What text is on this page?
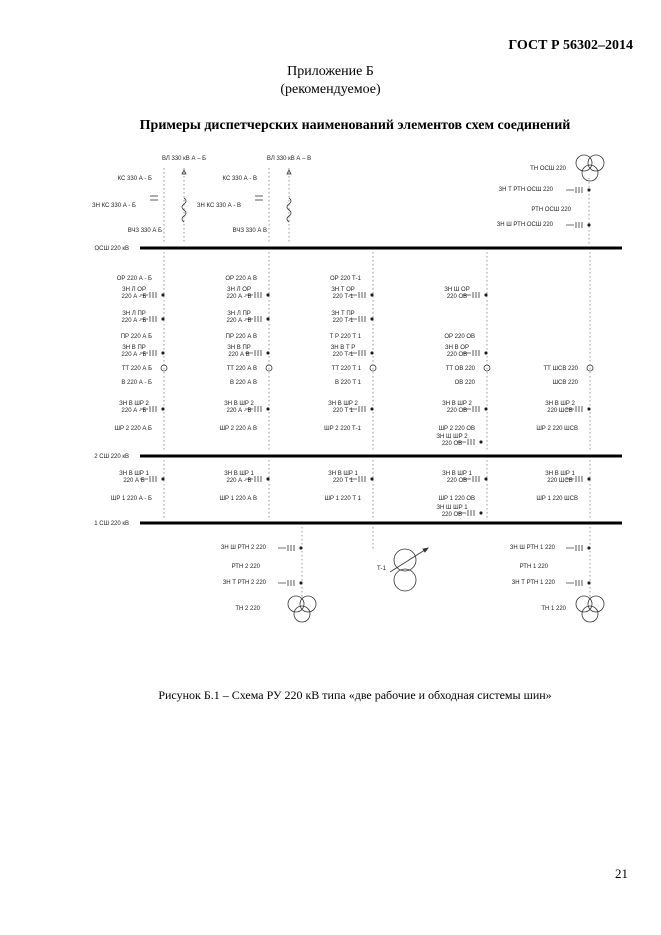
ГОСТ Р 56302–2014
Приложение Б
(рекомендуемое)
Примеры диспетчерских наименований элементов схем соединений
ОСШ 220 кВ
2 СШ 220 кВ
1 СШ 220 кВ
ВЛ 330 кВ А – Б
КС 330 А - Б
ЗН КС 330 А - Б
ВЧЗ 330 А Б
ВЛ 330 кВ А – В
КС 330 А - В
ЗН КС 330 А - В
ВЧЗ 330 А В
ТН ОСШ 220
ЗН Т РТН ОСШ 220
РТН ОСШ 220
ЗН Ш РТН ОСШ 220
ОР 220 А - Б
ПР 220 А Б
ТТ 220 А Б
В 220 А - Б
ШР 2 220 А Б
ШР 1 220 А - Б
ЗН Л ОР
220 А - Б
ЗН Л ПР
220 А - Б
ЗН В ПР
220 А - Б
ЗН В ШР 2
220 А - Б
ЗН В ШР 1
220 А Б
ОР 220 А В
ПР 220 А В
ТТ 220 А В
В 220 А В
ШР 2 220 А В
ШР 1 220 А В
ЗН Л ОР
220 А - В
ЗН Л ПР
220 А - В
ЗН В ПР
220 А В
ЗН В ШР 2
220 А - В
ЗН В ШР 1
220 А - В
ОР 220 Т-1
Т Р 220 Т 1
ТТ 220 Т 1
В 220 Т 1
ШР 2 220 Т-1
ШР 1 220 Т 1
ЗН Т ОР
220 Т-1
ЗН Т ПР
220 Т-1
ЗН В Т Р
220 Т-1
ЗН В ШР 2
220 Т 1
ЗН В ШР 1
220 Т 1
ОР 220 ОВ
ТТ ОВ 220
ОВ 220
ШР 2 220 ОВ
ШР 1 220 ОВ
ЗН Ш ОР
220 ОВ
ЗН В ОР
220 ОВ
ЗН В ШР 2
220 ОВ
ЗН В ШР 1
220 ОВ
ТТ ШСВ 220
ШСВ 220
ШР 2 220 ШСВ
ШР 1 220 ШСВ
ЗН В ШР 2
220 ШСВ
ЗН В ШР 1
220 ШСВ
ЗН Ш ШР 2
220 ОВ
ЗН Ш ШР 1
220 ОВ
ЗН Ш РТН 2 220
РТН 2 220
ЗН Т РТН 2 220
ТН 2 220
ЗН Ш РТН 1 220
РТН 1 220
ЗН Т РТН 1 220
ТН 1 220
Т-1
Рисунок Б.1 – Схема РУ 220 кВ типа «две рабочие и обходная системы шин»
21
